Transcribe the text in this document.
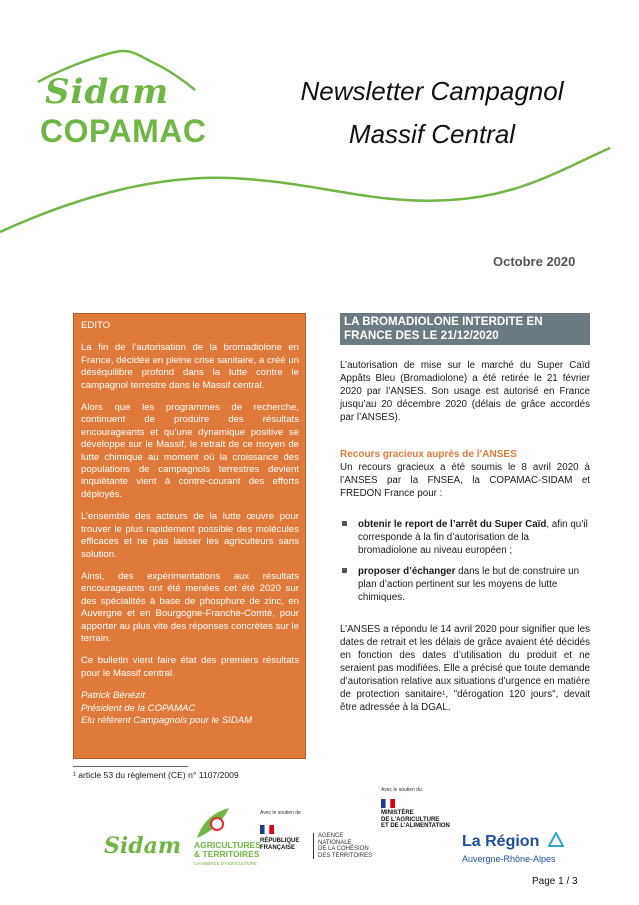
Sidam
COPAMAC
Newsletter Campagnol
Massif Central
Octobre 2020

EDITO

La fin de l’autorisation de la bromadiolone en France, décidée en pleine crise sanitaire, a créé un déséquilibre profond dans la lutte contre le campagnol terrestre dans le Massif central.

Alors que les programmes de recherche, continuent de produire des résultats encourageants et qu’une dynamique positive se développe sur le Massif, le retrait de ce moyen de lutte chimique au moment où la croissance des populations de campagnols terrestres devient inquiétante vient à contre-courant des efforts déployés.

L’ensemble des acteurs de la lutte œuvre pour trouver le plus rapidement possible des molécules efficaces et ne pas laisser les agriculteurs sans solution.

Ainsi, des expérimentations aux résultats encourageants ont été menées cet été 2020 sur des spécialités à base de phosphure de zinc, en Auvergne et en Bourgogne-Franche-Comté, pour apporter au plus vite des réponses concrètes sur le terrain.

Ce bulletin vient faire état des premiers résultats pour le Massif central.

Patrick Bénézit

Président de la COPAMAC

Elu référent Campagnols pour le SIDAM

LA BROMADIOLONE INTERDITE EN FRANCE DES LE 21/12/2020

L’autorisation de mise sur le marché du Super Caïd Appâts Bleu (Bromadiolone) a été retirée le 21 février 2020 par l’ANSES. Son usage est autorisé en France jusqu’au 20 décembre 2020 (délais de grâce accordés par l’ANSES).

Recours gracieux auprès de l’ANSES

Un recours gracieux a été soumis le 8 avril 2020 à l’ANSES par la FNSEA, la COPAMAC-SIDAM et FREDON France pour :

obtenir le report de l’arrêt du Super Caïd, afin qu’il corresponde à la fin d’autorisation de la bromadiolone au niveau européen ;
proposer d’échanger dans le but de construire un plan d’action pertinent sur les moyens de lutte chimiques.

L’ANSES a répondu le 14 avril 2020 pour signifier que les dates de retrait et les délais de grâce avaient été décidés en fonction des dates d’utilisation du produit et ne seraient pas modifiées. Elle a précisé que toute demande d’autorisation relative aux situations d’urgence en matière de protection sanitaire¹, "dérogation 120 jours", devait être adressée à la DGAL.

¹ article 53 du règlement (CE) n° 1107/2009
Avec le soutien de
Avec le soutien du
Sidam AGRICULTURES
& TERRITOIRES
CHAMBRES D'AGRICULTURE
RÉPUBLIQUE
FRANÇAISE
AGENCE
NATIONALE
DE LA COHÉSION
DES TERRITOIRES
MINISTÈRE
DE L'AGRICULTURE
ET DE L'ALIMENTATION
La Région
Auvergne-Rhône-Alpes
Page 1 / 3
